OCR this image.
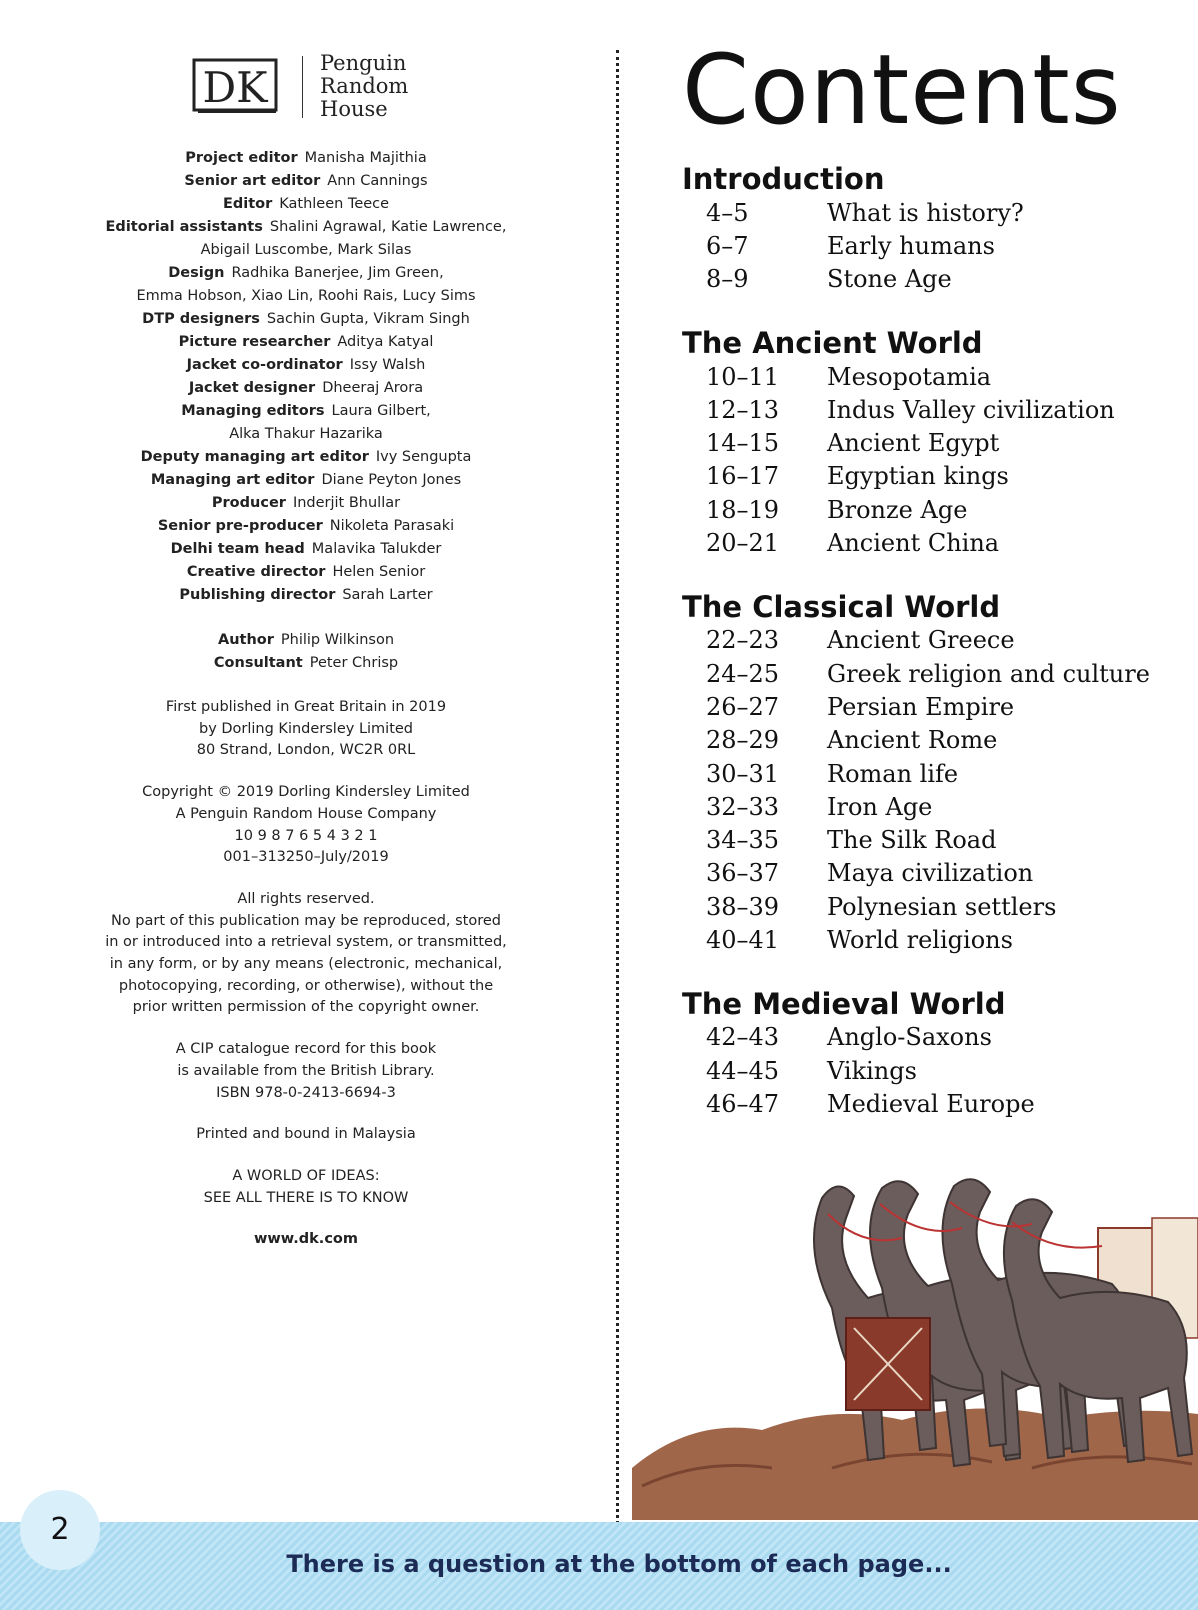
DK Penguin
Random
House
Project editor Manisha Majithia
Senior art editor Ann Cannings
Editor Kathleen Teece
Editorial assistants Shalini Agrawal, Katie Lawrence,
Abigail Luscombe, Mark Silas
Design Radhika Banerjee, Jim Green,
Emma Hobson, Xiao Lin, Roohi Rais, Lucy Sims
DTP designers Sachin Gupta, Vikram Singh
Picture researcher Aditya Katyal
Jacket co-ordinator Issy Walsh
Jacket designer Dheeraj Arora
Managing editors Laura Gilbert,
Alka Thakur Hazarika
Deputy managing art editor Ivy Sengupta
Managing art editor Diane Peyton Jones
Producer Inderjit Bhullar
Senior pre-producer Nikoleta Parasaki
Delhi team head Malavika Talukder
Creative director Helen Senior
Publishing director Sarah Larter
Author Philip Wilkinson
Consultant Peter Chrisp
First published in Great Britain in 2019
by Dorling Kindersley Limited
80 Strand, London, WC2R 0RL
Copyright © 2019 Dorling Kindersley Limited
A Penguin Random House Company
10 9 8 7 6 5 4 3 2 1
001–313250–July/2019
All rights reserved.
No part of this publication may be reproduced, stored
in or introduced into a retrieval system, or transmitted,
in any form, or by any means (electronic, mechanical,
photocopying, recording, or otherwise), without the
prior written permission of the copyright owner.
A CIP catalogue record for this book
is available from the British Library.
ISBN 978-0-2413-6694-3
Printed and bound in Malaysia
A WORLD OF IDEAS:
SEE ALL THERE IS TO KNOW
www.dk.com
Contents
Introduction
4–5	What is history?
6–7	Early humans
8–9	Stone Age
The Ancient World
10–11	Mesopotamia
12–13	Indus Valley civilization
14–15	Ancient Egypt
16–17	Egyptian kings
18–19	Bronze Age
20–21	Ancient China
The Classical World
22–23	Ancient Greece
24–25	Greek religion and culture
26–27	Persian Empire
28–29	Ancient Rome
30–31	Roman life
32–33	Iron Age
34–35	The Silk Road
36–37	Maya civilization
38–39	Polynesian settlers
40–41	World religions
The Medieval World
42–43	Anglo-Saxons
44–45	Vikings
46–47	Medieval Europe
2
There is a question at the bottom of each page...
